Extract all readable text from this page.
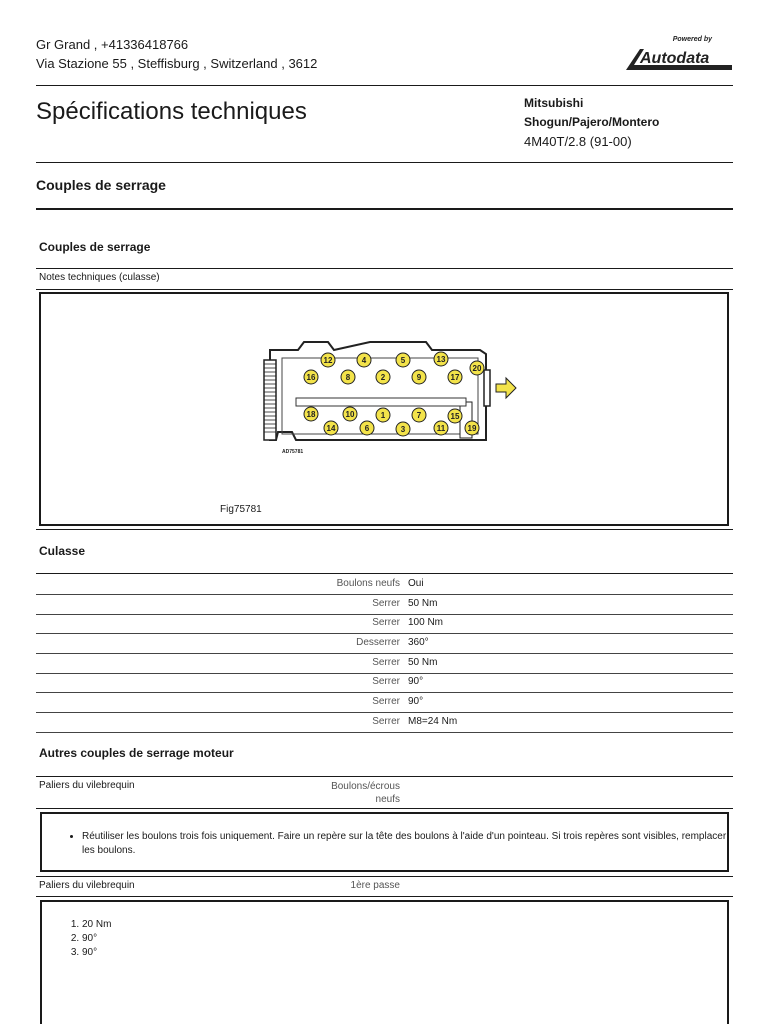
Gr Grand , +41336418766
Via Stazione 55 , Steffisburg , Switzerland , 3612
Powered by
Autodata
Spécifications techniques	Mitsubishi
Shogun/Pajero/Montero
4M40T/2.8 (91-00)
Couples de serrage
Couples de serrage
Notes techniques (culasse)
AD75781
12	4	5	13
20
16	8	2	9	17
18	10	1	7	15
14	6	3	11	19
Fig75781
Culasse
Boulons neufs Oui
Serrer 50 Nm
Serrer 100 Nm
Desserrer 360°
Serrer 50 Nm
Serrer 90°
Serrer 90°
Serrer M8=24 Nm
Autres couples de serrage moteur
Paliers du vilebrequin	Boulons/écrous neufs
• Réutiliser les boulons trois fois uniquement. Faire un repère sur la tête des boulons à l'aide d'un pointeau. Si trois repères sont visibles, remplacer les boulons.
Paliers du vilebrequin	1ère passe
1. 20 Nm
2. 90°
3. 90°
